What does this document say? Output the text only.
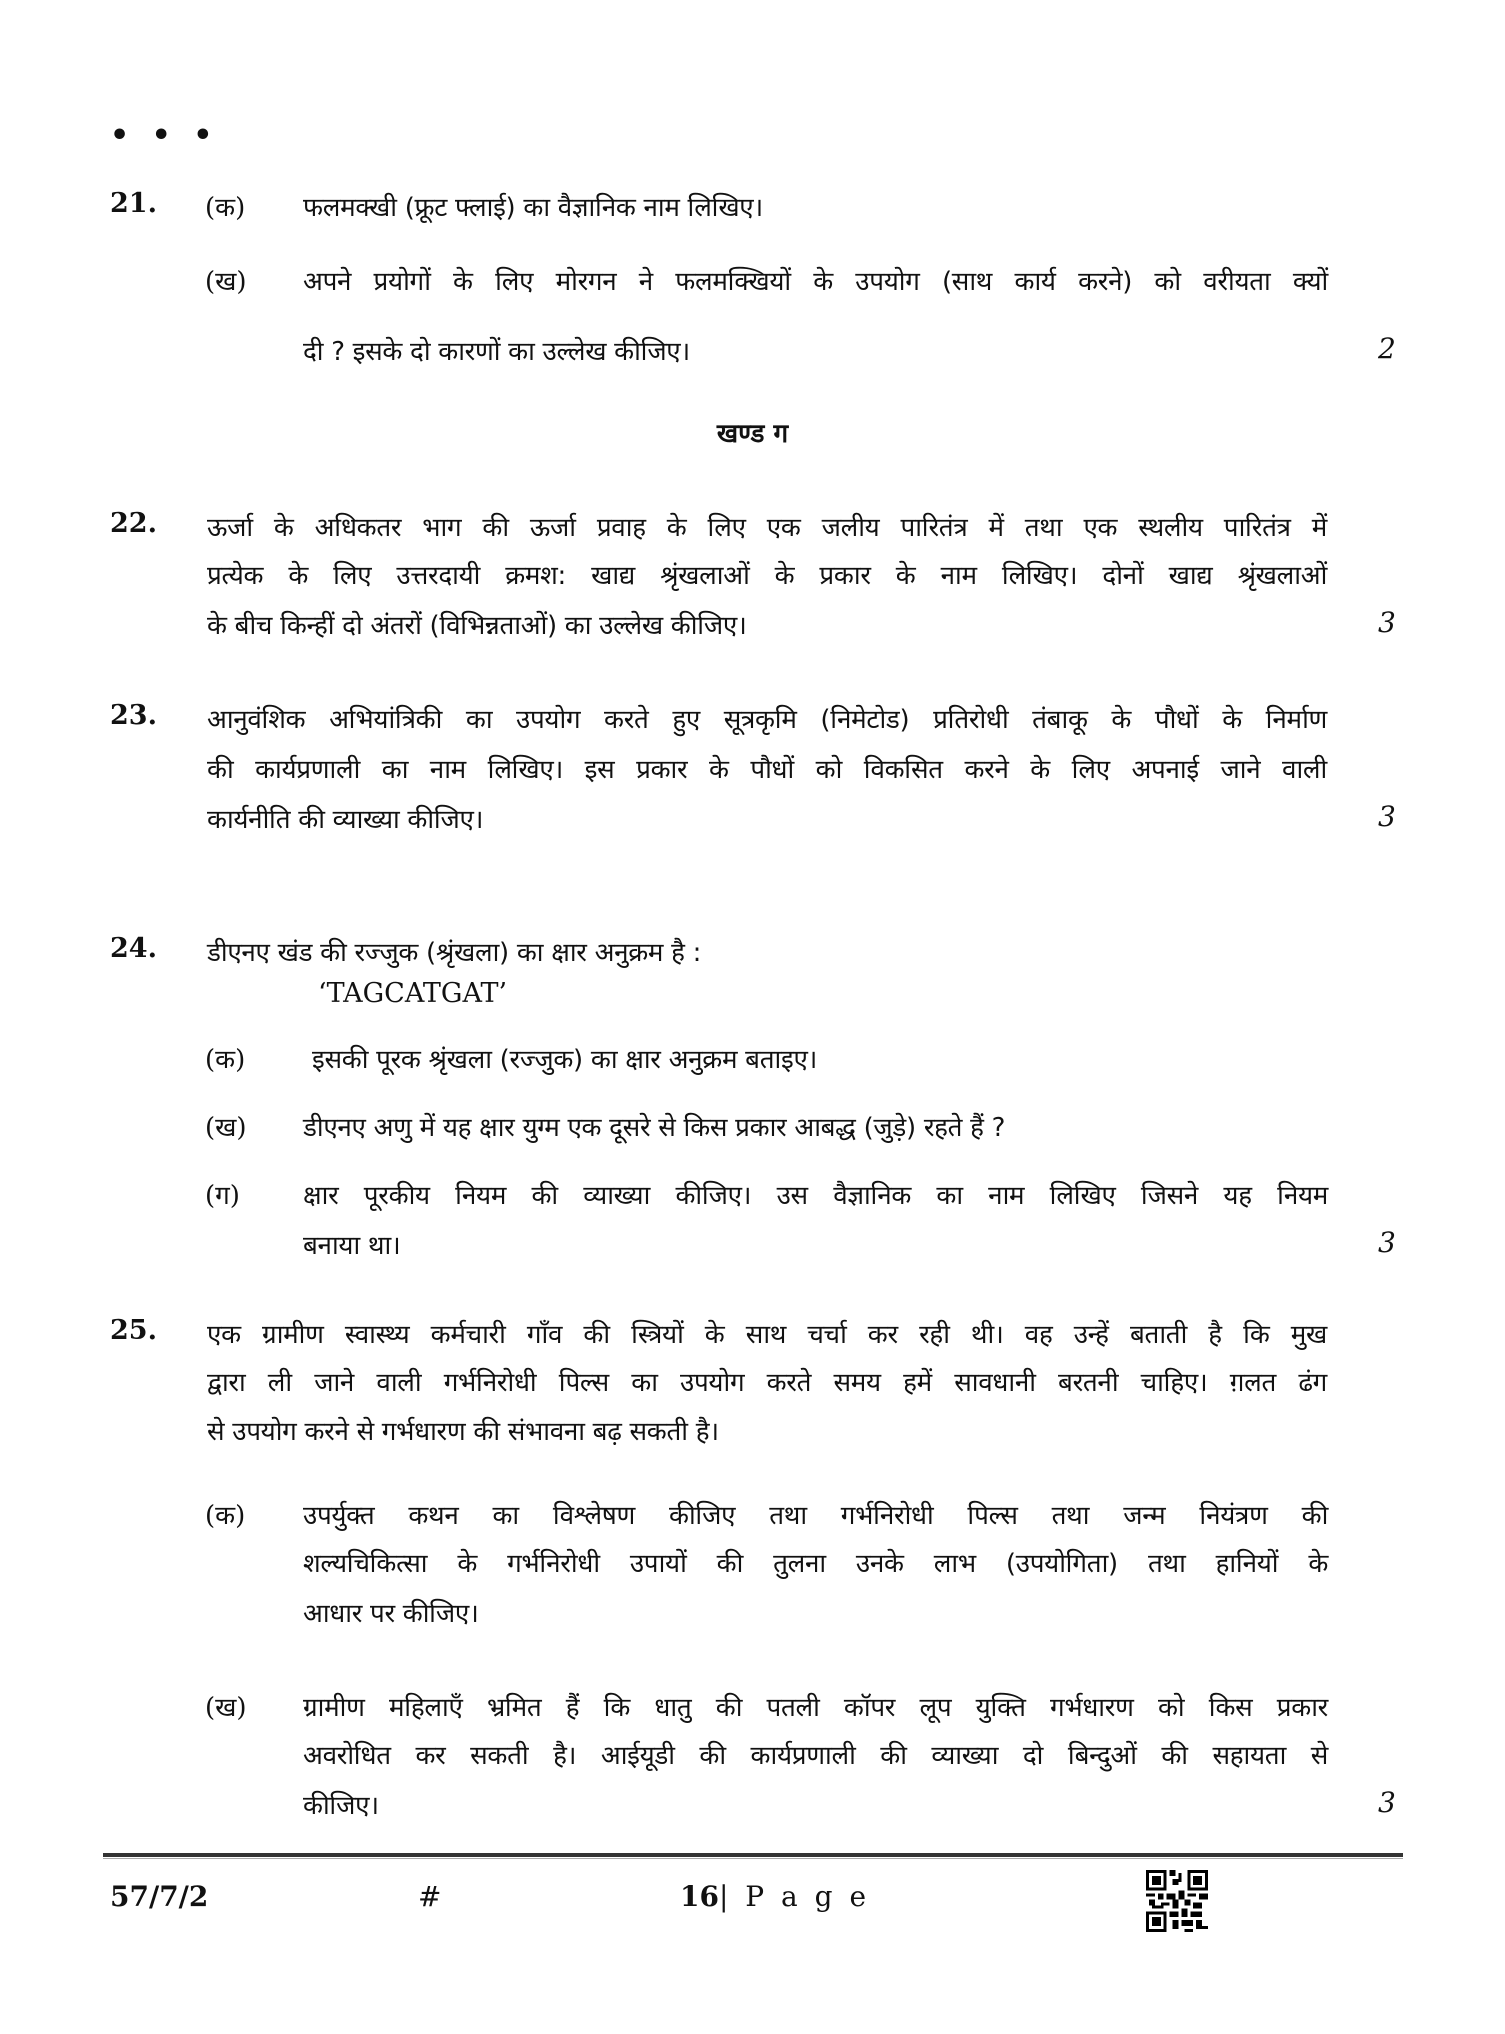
• • •
21. (क) फलमक्खी (फ्रूट फ्लाई) का वैज्ञानिक नाम लिखिए।
(ख) अपने प्रयोगों के लिए मोरगन ने फलमक्खियों के उपयोग (साथ कार्य करने) को वरीयता क्यों
दी ? इसके दो कारणों का उल्लेख कीजिए।	2
खण्ड ग
22. ऊर्जा के अधिकतर भाग की ऊर्जा प्रवाह के लिए एक जलीय पारितंत्र में तथा एक स्थलीय पारितंत्र में
प्रत्येक के लिए उत्तरदायी क्रमश: खाद्य श्रृंखलाओं के प्रकार के नाम लिखिए। दोनों खाद्य श्रृंखलाओं
के बीच किन्हीं दो अंतरों (विभिन्नताओं) का उल्लेख कीजिए।	3
23. आनुवंशिक अभियांत्रिकी का उपयोग करते हुए सूत्रकृमि (निमेटोड) प्रतिरोधी तंबाकू के पौधों के निर्माण
की कार्यप्रणाली का नाम लिखिए। इस प्रकार के पौधों को विकसित करने के लिए अपनाई जाने वाली
कार्यनीति की व्याख्या कीजिए।	3
24. डीएनए खंड की रज्जुक (श्रृंखला) का क्षार अनुक्रम है :
‘TAGCATGAT’
(क)	इसकी पूरक श्रृंखला (रज्जुक) का क्षार अनुक्रम बताइए।
(ख) डीएनए अणु में यह क्षार युग्म एक दूसरे से किस प्रकार आबद्ध (जुड़े) रहते हैं ?
(ग) क्षार पूरकीय नियम की व्याख्या कीजिए। उस वैज्ञानिक का नाम लिखिए जिसने यह नियम
बनाया था।	3
25. एक ग्रामीण स्वास्थ्य कर्मचारी गाँव की स्त्रियों के साथ चर्चा कर रही थी। वह उन्हें बताती है कि मुख
द्वारा ली जाने वाली गर्भनिरोधी पिल्स का उपयोग करते समय हमें सावधानी बरतनी चाहिए। ग़लत ढंग
से उपयोग करने से गर्भधारण की संभावना बढ़ सकती है।
(क) उपर्युक्त कथन का विश्लेषण कीजिए तथा गर्भनिरोधी पिल्स तथा जन्म नियंत्रण की
शल्यचिकित्सा के गर्भनिरोधी उपायों की तुलना उनके लाभ (उपयोगिता) तथा हानियों के
आधार पर कीजिए।
(ख) ग्रामीण महिलाएँ भ्रमित हैं कि धातु की पतली कॉपर लूप युक्ति गर्भधारण को किस प्रकार
अवरोधित कर सकती है। आईयूडी की कार्यप्रणाली की व्याख्या दो बिन्दुओं की सहायता से
कीजिए।	3
57/7/2	#	16| P a g e
